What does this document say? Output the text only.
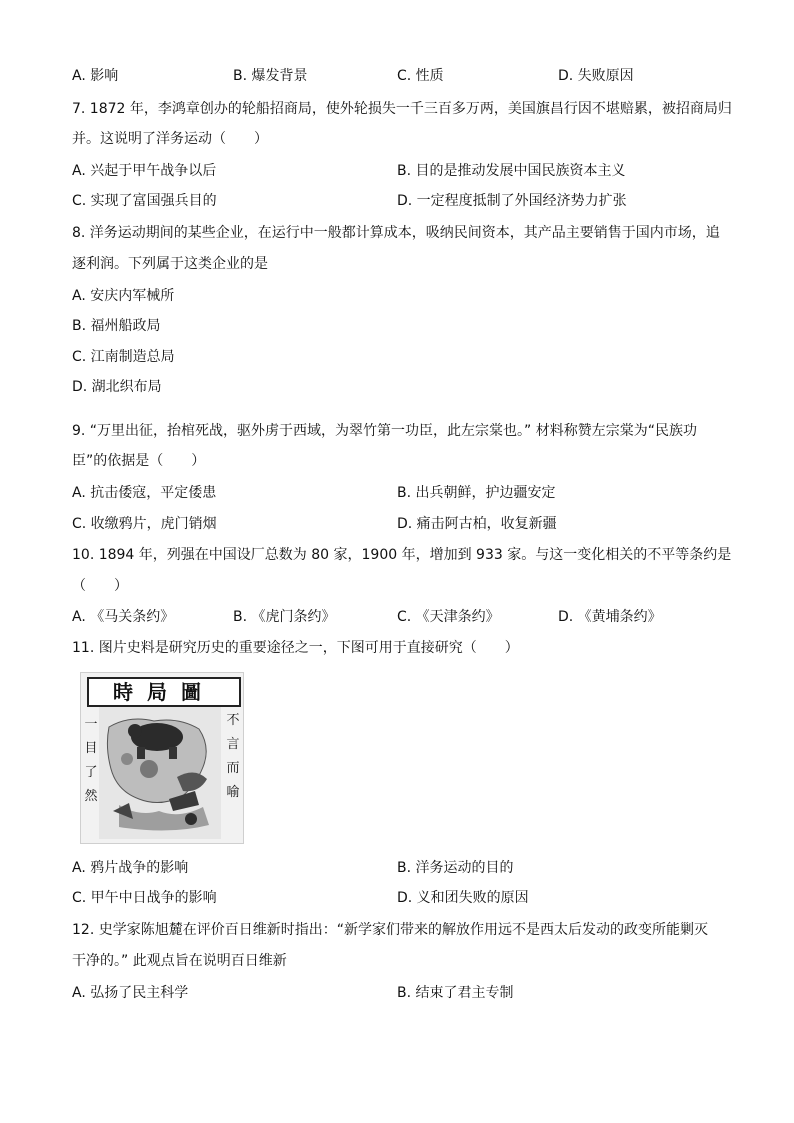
A. 影响	B. 爆发背景	C. 性质	D. 失败原因
7. 1872 年，李鸿章创办的轮船招商局，使外轮损失一千三百多万两，美国旗昌行因不堪赔累，被招商局归
并。这说明了洋务运动（　　）
A. 兴起于甲午战争以后	B. 目的是推动发展中国民族资本主义
C. 实现了富国强兵目的	D. 一定程度抵制了外国经济势力扩张
8. 洋务运动期间的某些企业，在运行中一般都计算成本，吸纳民间资本，其产品主要销售于国内市场，追
逐利润。下列属于这类企业的是
A. 安庆内军械所
B. 福州船政局
C. 江南制造总局
D. 湖北织布局
9. “万里出征，抬棺死战，驱外虏于西域，为翠竹第一功臣，此左宗棠也。” 材料称赞左宗棠为“民族功
臣”的依据是（　　）
A. 抗击倭寇，平定倭患	B. 出兵朝鲜，护边疆安定
C. 收缴鸦片，虎门销烟	D. 痛击阿古柏，收复新疆
10. 1894 年，列强在中国设厂总数为 80 家，1900 年，增加到 933 家。与这一变化相关的不平等条约是
（　　）
A. 《马关条约》	B. 《虎门条约》	C. 《天津条约》	D. 《黄埔条约》
11. 图片史料是研究历史的重要途径之一，下图可用于直接研究（　　）
時局圖
一目了然
不言而喻
A. 鸦片战争的影响	B. 洋务运动的目的
C. 甲午中日战争的影响	D. 义和团失败的原因
12. 史学家陈旭麓在评价百日维新时指出：“新学家们带来的解放作用远不是西太后发动的政变所能剿灭
干净的。” 此观点旨在说明百日维新
A. 弘扬了民主科学	B. 结束了君主专制
